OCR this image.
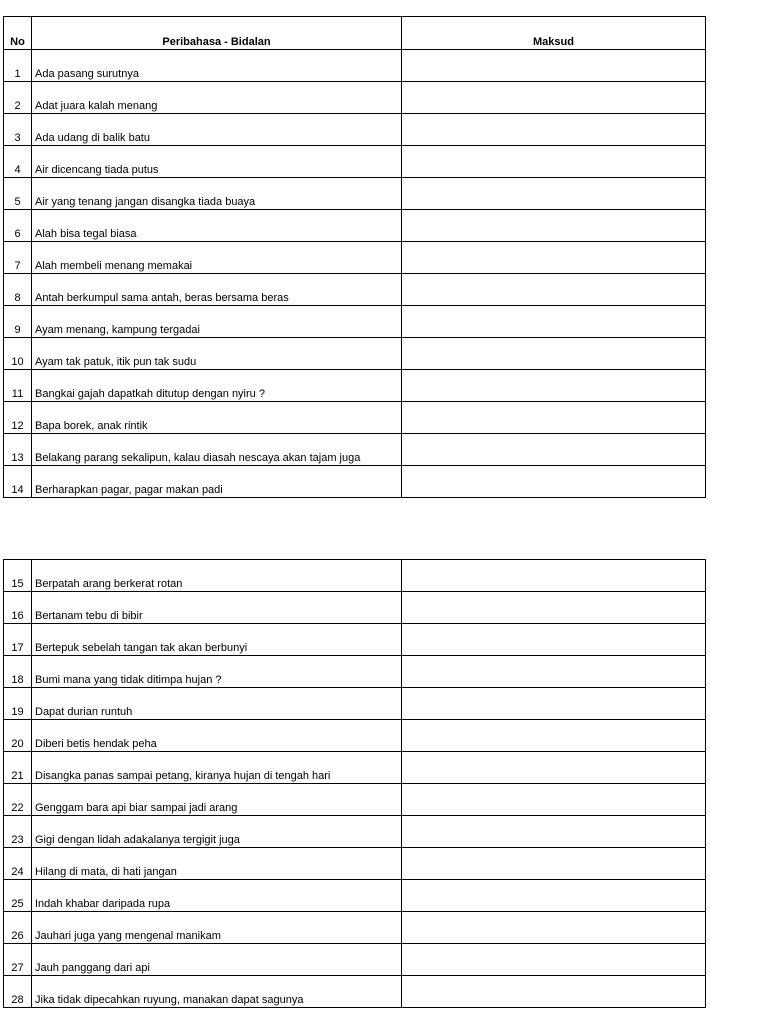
No	Peribahasa - Bidalan	Maksud

1	Ada pasang surutnya	

2	Adat juara kalah menang	

3	Ada udang di balik batu	

4	Air dicencang tiada putus	

5	Air yang tenang jangan disangka tiada buaya	

6	Alah bisa tegal biasa	

7	Alah membeli menang memakai	

8	Antah berkumpul sama antah, beras bersama beras	

9	Ayam menang, kampung tergadai	

10	Ayam tak patuk, itik pun tak sudu	

11	Bangkai gajah dapatkah ditutup dengan nyiru ?	

12	Bapa borek, anak rintik	

13	Belakang parang sekalipun, kalau diasah nescaya akan tajam juga	

14	Berharapkan pagar, pagar makan padi	

15	Berpatah arang berkerat rotan	

16	Bertanam tebu di bibir	

17	Bertepuk sebelah tangan tak akan berbunyi	

18	Bumi mana yang tidak ditimpa hujan ?	

19	Dapat durian runtuh	

20	Diberi betis hendak peha	

21	Disangka panas sampai petang, kiranya hujan di tengah hari	

22	Genggam bara api biar sampai jadi arang	

23	Gigi dengan lidah adakalanya tergigit juga	

24	Hilang di mata, di hati jangan	

25	Indah khabar daripada rupa	

26	Jauhari juga yang mengenal manikam	

27	Jauh panggang dari api	

28	Jika tidak dipecahkan ruyung, manakan dapat sagunya	
